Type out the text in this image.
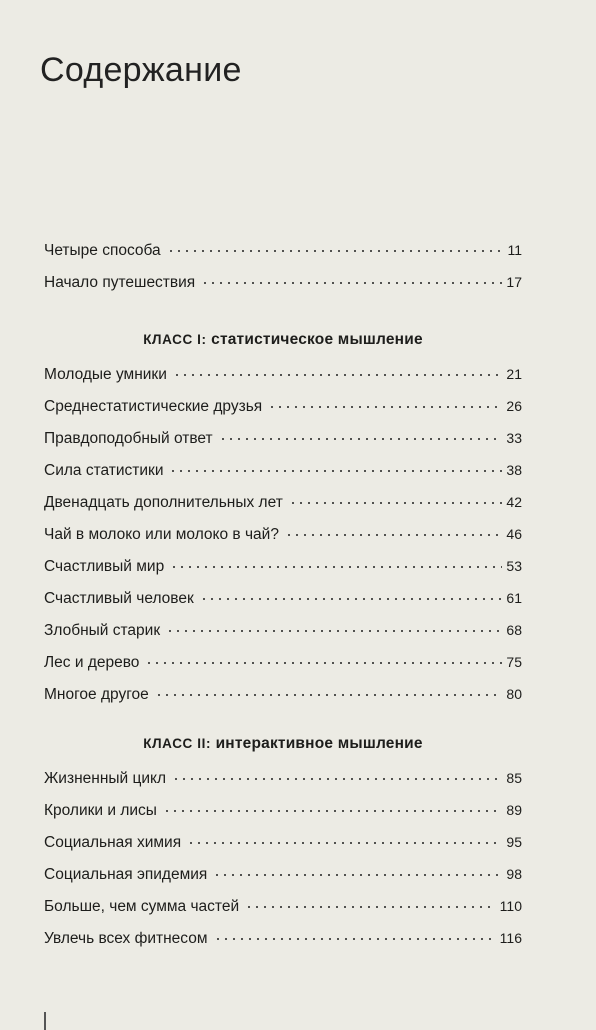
Содержание
Четыре способа	11
Начало путешествия	17
КЛАСС I: статистическое мышление
Молодые умники	21
Среднестатистические друзья	26
Правдоподобный ответ	33
Сила статистики	38
Двенадцать дополнительных лет	42
Чай в молоко или молоко в чай?	46
Счастливый мир	53
Счастливый человек	61
Злобный старик	68
Лес и дерево	75
Многое другое	80
КЛАСС II: интерактивное мышление
Жизненный цикл	85
Кролики и лисы	89
Социальная химия	95
Социальная эпидемия	98
Больше, чем сумма частей	110
Увлечь всех фитнесом	116
